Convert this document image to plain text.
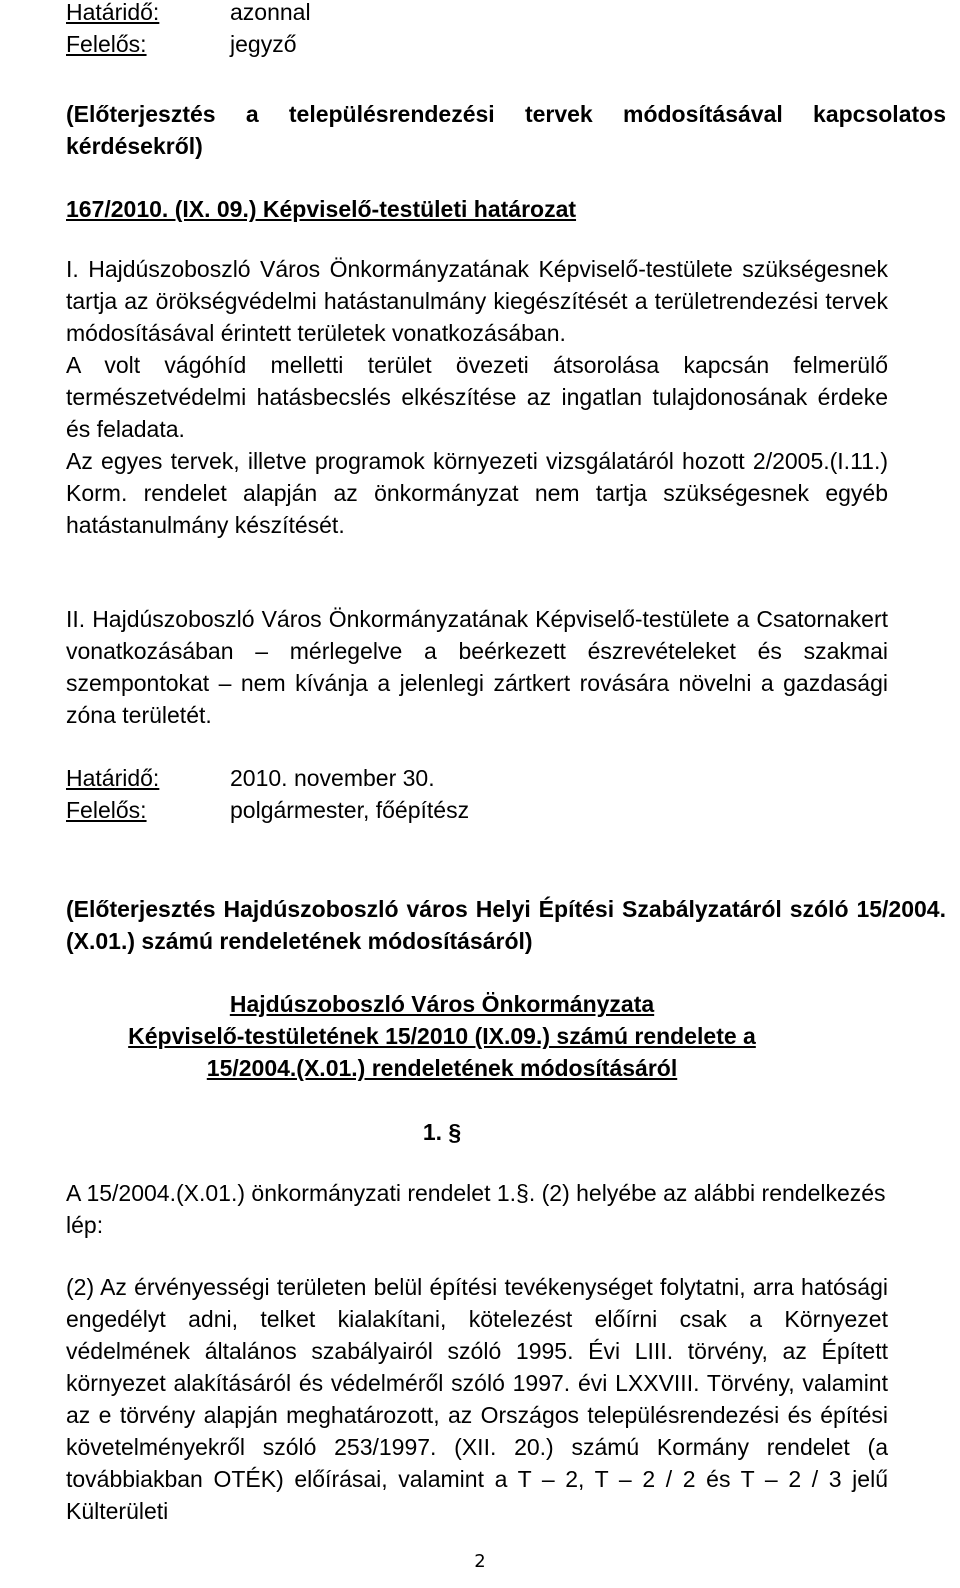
Határidő:	azonnal
Felelős:	jegyző

(Előterjesztés a településrendezési tervek módosításával kapcsolatos kérdésekről)

167/2010. (IX. 09.) Képviselő-testületi határozat

I. Hajdúszoboszló Város Önkormányzatának Képviselő-testülete szükségesnek tartja az örökségvédelmi hatástanulmány kiegészítését a területrendezési tervek módosításával érintett területek vonatkozásában.

A volt vágóhíd melletti terület övezeti átsorolása kapcsán felmerülő természetvédelmi hatásbecslés elkészítése az ingatlan tulajdonosának érdeke és feladata.

Az egyes tervek, illetve programok környezeti vizsgálatáról hozott 2/2005.(I.11.) Korm. rendelet alapján az önkormányzat nem tartja szükségesnek egyéb hatástanulmány készítését.

II. Hajdúszoboszló Város Önkormányzatának Képviselő-testülete a Csatornakert vonatkozásában – mérlegelve a beérkezett észrevételeket és szakmai szempontokat – nem kívánja a jelenlegi zártkert rovására növelni a gazdasági zóna területét.

Határidő:	2010. november 30.
Felelős:	polgármester, főépítész

(Előterjesztés Hajdúszoboszló város Helyi Építési Szabályzatáról szóló 15/2004.(X.01.) számú rendeletének módosításáról)

Hajdúszoboszló Város Önkormányzata
Képviselő-testületének 15/2010 (IX.09.) számú rendelete a
15/2004.(X.01.) rendeletének módosításáról

1. §

A 15/2004.(X.01.) önkormányzati rendelet 1.§. (2) helyébe az alábbi rendelkezés lép:

(2) Az érvényességi területen belül építési tevékenységet folytatni, arra hatósági engedélyt adni, telket kialakítani, kötelezést előírni csak a Környezet védelmének általános szabályairól szóló 1995. Évi LIII. törvény, az Épített környezet alakításáról és védelméről szóló 1997. évi LXXVIII. Törvény, valamint az e törvény alapján meghatározott, az Országos településrendezési és építési követelményekről szóló 253/1997. (XII. 20.) számú Kormány rendelet (a továbbiakban OTÉK) előírásai, valamint a T – 2, T – 2 / 2 és T – 2 / 3 jelű Külterületi

2
